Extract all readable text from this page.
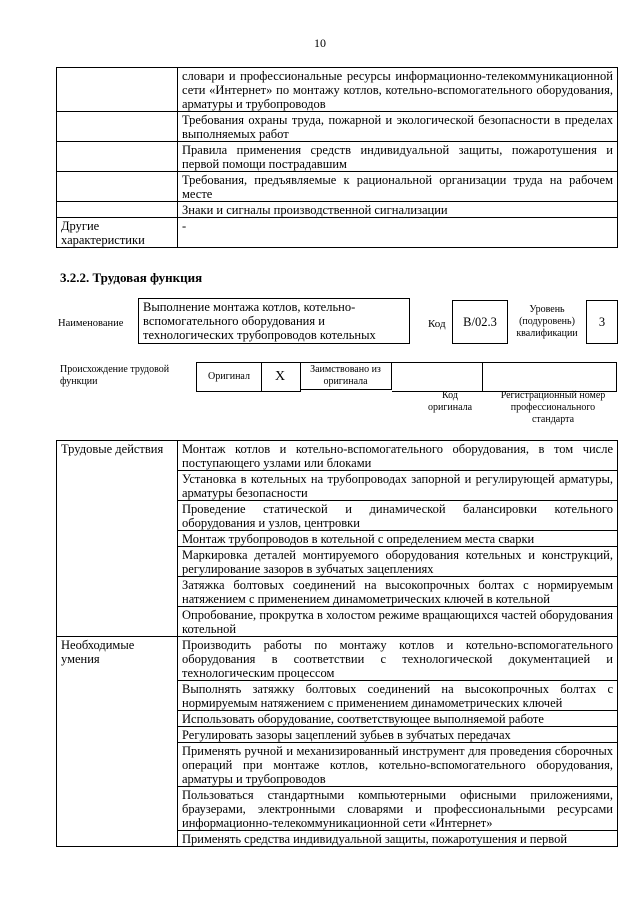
10
	словари и профессиональные ресурсы информационно-телекоммуникационной сети «Интернет» по монтажу котлов, котельно-вспомогательного оборудования, арматуры и трубопроводов
	Требования охраны труда, пожарной и экологической безопасности в пределах выполняемых работ
	Правила применения средств индивидуальной защиты, пожаротушения и первой помощи пострадавшим
	Требования, предъявляемые к рациональной организации труда на рабочем месте
	Знаки и сигналы производственной сигнализации
Другие характеристики	-
3.2.2. Трудовая функция
Наименование
Выполнение монтажа котлов, котельно-вспомогательного оборудования и технологических трубопроводов котельных
Код	B/02.3
Уровень (подуровень) квалификации
3
Происхождение трудовой функции	Оригинал	X	Заимствовано из оригинала
Код оригинала
Регистрационный номер профессионального стандарта
Трудовые действия	Монтаж котлов и котельно-вспомогательного оборудования, в том числе поступающего узлами или блоками
	Установка в котельных на трубопроводах запорной и регулирующей арматуры, арматуры безопасности
	Проведение статической и динамической балансировки котельного оборудования и узлов, центровки
	Монтаж трубопроводов в котельной с определением места сварки
	Маркировка деталей монтируемого оборудования котельных и конструкций, регулирование зазоров в зубчатых зацеплениях
	Затяжка болтовых соединений на высокопрочных болтах с нормируемым натяжением с применением динамометрических ключей в котельной
	Опробование, прокрутка в холостом режиме вращающихся частей оборудования котельной
Необходимые умения	Производить работы по монтажу котлов и котельно-вспомогательного оборудования в соответствии с технологической документацией и технологическим процессом
	Выполнять затяжку болтовых соединений на высокопрочных болтах с нормируемым натяжением с применением динамометрических ключей
	Использовать оборудование, соответствующее выполняемой работе
	Регулировать зазоры зацеплений зубьев в зубчатых передачах
	Применять ручной и механизированный инструмент для проведения сборочных операций при монтаже котлов, котельно-вспомогательного оборудования, арматуры и трубопроводов
	Пользоваться стандартными компьютерными офисными приложениями, браузерами, электронными словарями и профессиональными ресурсами информационно-телекоммуникационной сети «Интернет»
	Применять средства индивидуальной защиты, пожаротушения и первой
